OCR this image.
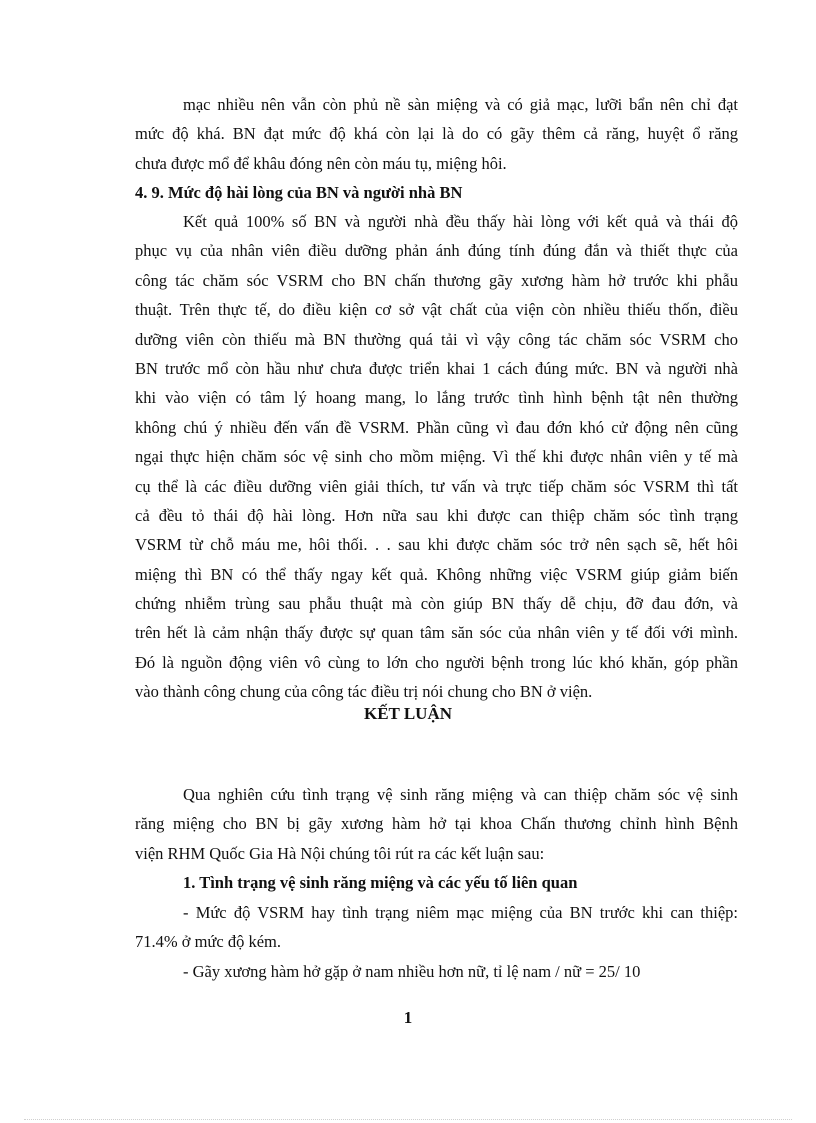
mạc nhiều nên vẫn còn phủ nề sàn miệng và có giả mạc, lưỡi bẩn nên chỉ đạt
mức độ khá. BN đạt mức độ khá còn lại là do có gãy thêm cả răng, huyệt ổ răng
chưa được mổ để khâu đóng nên còn máu tụ, miệng hôi.
4. 9. Mức độ hài lòng của BN và người nhà BN
Kết quả 100% số BN và người nhà đều thấy hài lòng với kết quả và thái độ
phục vụ của nhân viên điều dưỡng phản ánh đúng tính đúng đắn và thiết thực của
công tác chăm sóc VSRM cho BN chấn thương gãy xương hàm hở trước khi phẫu
thuật. Trên thực tế, do điều kiện cơ sở vật chất của viện còn nhiều thiếu thốn, điều
dưỡng viên còn thiếu mà BN thường quá tải vì vậy công tác chăm sóc VSRM cho
BN trước mổ còn hầu như chưa được triển khai 1 cách đúng mức. BN và người nhà
khi vào viện có tâm lý hoang mang, lo lắng trước tình hình bệnh tật nên thường
không chú ý nhiều đến vấn đề VSRM. Phần cũng vì đau đớn khó cử động nên cũng
ngại thực hiện chăm sóc vệ sinh cho mồm miệng. Vì thế khi được nhân viên y tế mà
cụ thể là các điều dưỡng viên giải thích, tư vấn và trực tiếp chăm sóc VSRM thì tất
cả đều tỏ thái độ hài lòng. Hơn nữa sau khi được can thiệp chăm sóc tình trạng
VSRM từ chỗ máu me, hôi thối. . . sau khi được chăm sóc trở nên sạch sẽ, hết hôi
miệng thì BN có thể thấy ngay kết quả. Không những việc VSRM giúp giảm biến
chứng nhiễm trùng sau phẫu thuật mà còn giúp BN thấy dễ chịu, đỡ đau đớn, và
trên hết là cảm nhận thấy được sự quan tâm săn sóc của nhân viên y tế đối với mình.
Đó là nguồn động viên vô cùng to lớn cho người bệnh trong lúc khó khăn, góp phần
vào thành công chung của công tác điều trị nói chung cho BN ở viện.
KẾT LUẬN
Qua nghiên cứu tình trạng vệ sinh răng miệng và can thiệp chăm sóc vệ sinh
răng miệng cho BN bị gãy xương hàm hở tại khoa Chấn thương chỉnh hình Bệnh
viện RHM Quốc Gia Hà Nội chúng tôi rút ra các kết luận sau:
1. Tình trạng vệ sinh răng miệng và các yếu tố liên quan
- Mức độ VSRM hay tình trạng niêm mạc miệng của BN trước khi can thiệp:
71.4% ở mức độ kém.
- Gãy xương hàm hở gặp ở nam nhiều hơn nữ, tỉ lệ nam / nữ = 25/ 10
1
